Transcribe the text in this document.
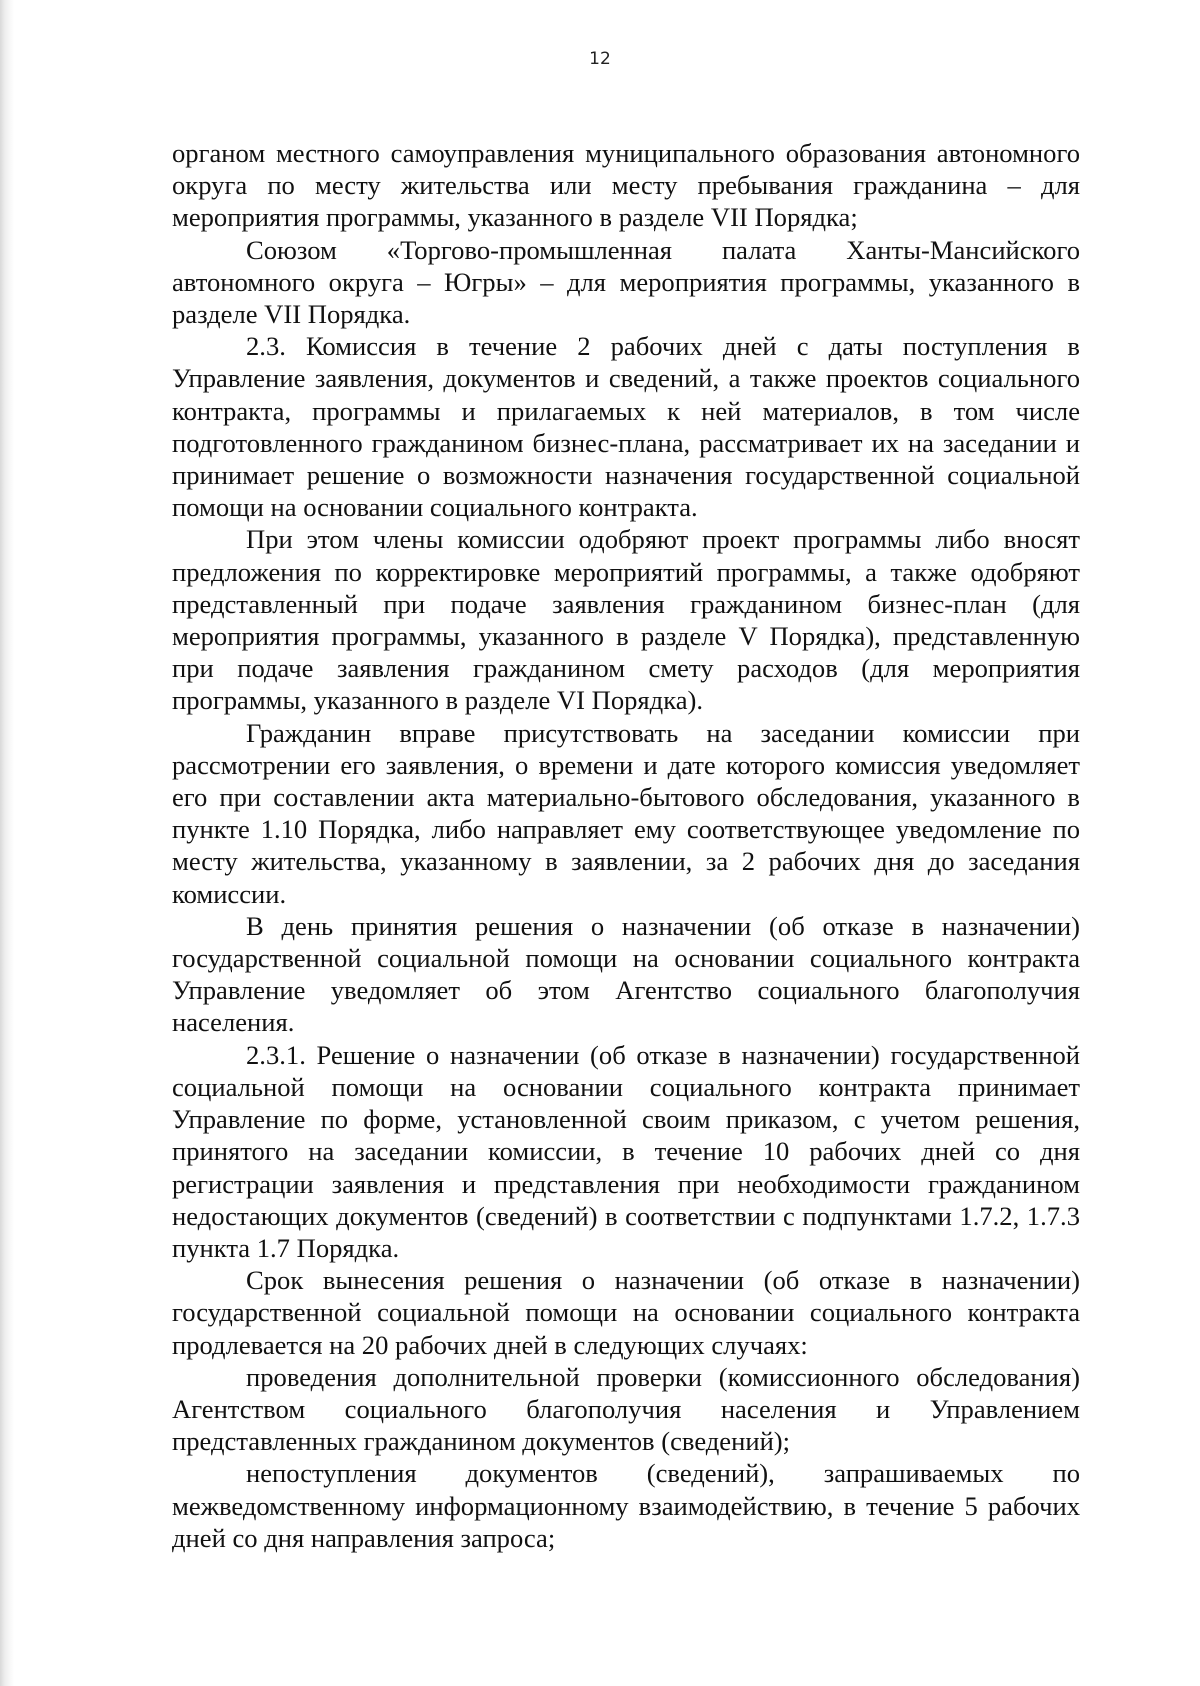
12

органом местного самоуправления муниципального образования автономного округа по месту жительства или месту пребывания гражданина – для мероприятия программы, указанного в разделе VII Порядка;

Союзом «Торгово-промышленная палата Ханты-Мансийского автономного округа – Югры» – для мероприятия программы, указанного в разделе VII Порядка.

2.3. Комиссия в течение 2 рабочих дней с даты поступления в Управление заявления, документов и сведений, а также проектов социального контракта, программы и прилагаемых к ней материалов, в том числе подготовленного гражданином бизнес-плана, рассматривает их на заседании и принимает решение о возможности назначения государственной социальной помощи на основании социального контракта.

При этом члены комиссии одобряют проект программы либо вносят предложения по корректировке мероприятий программы, а также одобряют представленный при подаче заявления гражданином бизнес-план (для мероприятия программы, указанного в разделе V Порядка), представленную при подаче заявления гражданином смету расходов (для мероприятия программы, указанного в разделе VI Порядка).

Гражданин вправе присутствовать на заседании комиссии при рассмотрении его заявления, о времени и дате которого комиссия уведомляет его при составлении акта материально-бытового обследования, указанного в пункте 1.10 Порядка, либо направляет ему соответствующее уведомление по месту жительства, указанному в заявлении, за 2 рабочих дня до заседания комиссии.

В день принятия решения о назначении (об отказе в назначении) государственной социальной помощи на основании социального контракта Управление уведомляет об этом Агентство социального благополучия населения.

2.3.1. Решение о назначении (об отказе в назначении) государственной социальной помощи на основании социального контракта принимает Управление по форме, установленной своим приказом, с учетом решения, принятого на заседании комиссии, в течение 10 рабочих дней со дня регистрации заявления и представления при необходимости гражданином недостающих документов (сведений) в соответствии с подпунктами 1.7.2, 1.7.3 пункта 1.7 Порядка.

Срок вынесения решения о назначении (об отказе в назначении) государственной социальной помощи на основании социального контракта продлевается на 20 рабочих дней в следующих случаях:

проведения дополнительной проверки (комиссионного обследования) Агентством социального благополучия населения и Управлением представленных гражданином документов (сведений);

непоступления документов (сведений), запрашиваемых по межведомственному информационному взаимодействию, в течение 5 рабочих дней со дня направления запроса;
